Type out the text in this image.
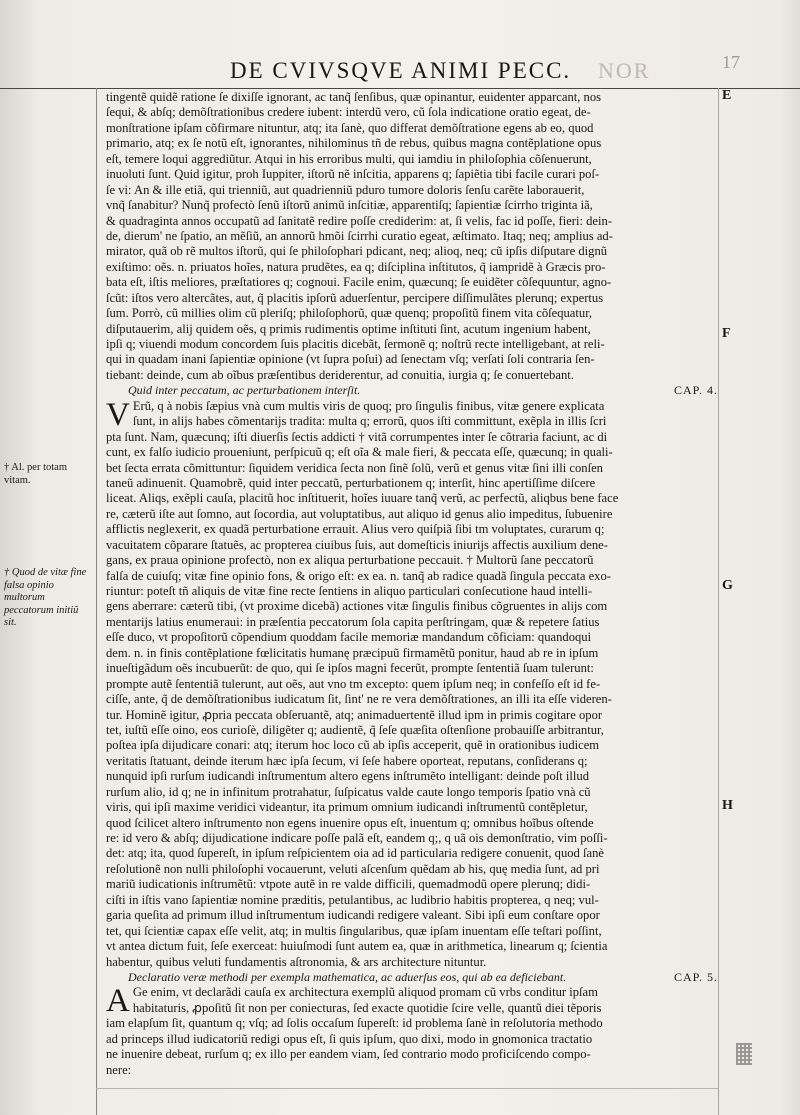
DE CVIVSQVE ANIMI PECC.	NOR	17
E
F
G
H
† Al. per totam vitam.
† Quod de vitæ fine falsa opinio multorum peccatorum initiũ sit.
tingentẽ quidẽ ratione ſe dixiſſe ignorant, ac tanq̃ ſenſibus, quæ opinantur, euidenter apparcant, nos
ſequi, & abſq; demõſtrationibus credere iubent: interdũ vero, cũ ſola indicatione oratio egeat, de-
monſtratione ipſam cõfirmare nituntur, atq; ita ſanè, quo differat demõſtratione egens ab eo, quod
primario, atq; ex ſe notũ eſt, ignorantes, nihilominus tñ de rebus, quibus magna contẽplatione opus
eſt, temere loqui aggrediũtur. Atqui in his erroribus multi, qui iamdiu in philoſophia cõſenuerunt,
inuoluti ſunt. Quid igitur, proh Iuppiter, iſtorũ nẽ inſcitia, apparens q; ſapiẽtia tibi facile curari poſ-
ſe vi: An & ille etiã, qui trienniũ, aut quadrienniũ pduro tumore doloris ſenſu carẽte laborauerit,
vnq̃ ſanabitur? Nunq̃ profectò ſenũ iſtorũ animũ inſcitiæ, apparentiſq; ſapientiæ ſcirrho triginta iã,
& quadraginta annos occupatũ ad ſanitatẽ redire poſſe crediderim: at, ſi velis, fac id poſſe, fieri: dein-
de, dierum' ne ſpatio, an mẽſiũ, an annorũ hmõi ſcirrhi curatio egeat, æſtimato. Itaq; neq; amplius ad-
mirator, quã ob rẽ multos iſtorũ, qui ſe philoſophari pdicant, neq; alioq, neq; cũ ipſis diſputare dignũ
exiſtimo: oẽs. n. priuatos hoĩes, natura prudẽtes, ea q; diſciplina inſtitutos, q̃ iampridẽ à Græcis pro-
bata eſt, iſtis meliores, præſtatiores q; cognoui. Facile enim, quæcunq; ſe euidẽter cõſequuntur, agno-
ſcũt: iſtos vero altercãtes, aut, q̃ placitis ipſorũ aduerſentur, percipere diſſimulãtes plerunq; expertus
ſum. Porrò, cũ millies olim cũ pleriſq; philoſophorũ, quæ quenq; propoſitũ finem vita cõſequatur,
diſputauerim, alij quidem oẽs, q primis rudimentis optime inſtituti ſint, acutum ingenium habent,
ipſi q; viuendi modum concordem ſuis placitis dicebãt, ſermonẽ q; noſtrũ recte intelligebant, at reli-
qui in quadam inani ſapientiæ opinione (vt ſupra poſui) ad ſenectam vſq; verſati ſoli contraria ſen-
tiebant: deinde, cum ab oĩbus præſentibus deriderentur, ad conuitia, iurgia q; ſe conuertebant.
Quid inter peccatum, ac perturbationem interſit.	CAP. 4.
V Erũ, q à nobis ſæpius vnà cum multis viris de quoq; pro ſingulis finibus, vitæ genere explicata
ſunt, in alijs habes cõmentarijs tradita: multa q; errorũ, quos iſti committunt, exẽpla in illis ſcri
pta ſunt. Nam, quæcunq; iſti diuerſis ſectis addicti † vitã corrumpentes inter ſe cõtraria faciunt, ac di
cunt, ex falſo iudicio proueniunt, perſpicuũ q; eſt oĩa & male fieri, & peccata eſſe, quæcunq; in quali-
bet ſecta errata cõmittuntur: ſiquidem veridica ſecta non ſinẽ ſolũ, verũ et genus vitæ ſini illi conſen
taneũ adinuenit. Quamobrẽ, quid inter peccatũ, perturbationem q; interſit, hinc apertiſſime diſcere
liceat. Aliqs, exẽpli cauſa, placitũ hoc inſtituerit, hoĩes iuuare tanq̃ verũ, ac perfectũ, aliqbus bene face
re, cæterũ iſte aut ſomno, aut ſocordia, aut voluptatibus, aut aliquo id genus alio impeditus, ſubuenire
afflictis neglexerit, ex quadã perturbatione errauit. Alius vero quiſpiã ſibi tm voluptates, curarum q;
vacuitatem cõparare ſtatuẽs, ac propterea ciuibus ſuis, aut domeſticis iniurijs affectis auxilium dene-
gans, ex praua opinione profectò, non ex aliqua perturbatione peccauit. † Multorũ ſane peccatorũ
falſa de cuiuſq; vitæ fine opinio fons, & origo eſt: ex ea. n. tanq̃ ab radice quadã ſingula peccata exo-
riuntur: poteſt tñ aliquis de vitæ fine recte ſentiens in aliquo particulari conſecutione haud intelli-
gens aberrare: cæterũ tibi, (vt proxime dicebã) actiones vitæ ſingulis finibus cõgruentes in alijs com
mentarijs latius enumeraui: in præſentia peccatorum ſola capita perſtringam, quæ & repetere ſatius
eſſe duco, vt propoſitorũ cõpendium quoddam facile memoriæ mandandum cõficiam: quandoqui
dem. n. in finis contẽplatione fœlicitatis humanę præcipuũ firmamẽtũ ponitur, haud ab re in ipſum
inueſtigãdum oẽs incubuerũt: de quo, qui ſe ipſos magni fecerũt, prompte ſententiã ſuam tulerunt:
prompte autẽ ſententiã tulerunt, aut oẽs, aut vno tm excepto: quem ipſum neq; in confeſſo eſt id fe-
ciſſe, ante, q̃ de demõſtrationibus iudicatum ſit, ſint' ne re vera demõſtrationes, an illi ita eſſe videren-
tur. Hominẽ igitur, ꝓpria peccata obſeruantẽ, atq; animaduertentẽ illud ipm in primis cogitare opor
tet, iuſtũ eſſe oino, eos curioſè, diligẽter q; audientẽ, q̃ ſeſe quæſita oſtenſione probauiſſe arbitrantur,
poſtea ipſa dijudicare conari: atq; iterum hoc loco cũ ab ipſis acceperit, quẽ in orationibus iudicem
veritatis ſtatuant, deinde iterum hæc ipſa ſecum, vi ſeſe habere oporteat, reputans, conſiderans q;
nunquid ipſi rurſum iudicandi inſtrumentum altero egens inſtrumẽto intelligant: deinde poſt illud
rurſum alio, id q; ne in infinitum protrahatur, ſuſpicatus valde caute longo temporis ſpatio vnà cũ
viris, qui ipſi maxime veridici videantur, ita primum omnium iudicandi inſtrumentũ contẽpletur,
quod ſcilicet altero inſtrumento non egens inuenire opus eſt, inuentum q; omnibus hoĩbus oſtende
re: id vero & abſq; dijudicatione indicare poſſe palã eſt, eandem q;, q uã ois demonſtratio, vim poſſi-
det: atq; ita, quod ſupereſt, in ipſum reſpicientem oia ad id particularia redigere conuenit, quod ſanè
reſolutionẽ non nulli philoſophi vocauerunt, veluti aſcenſum quẽdam ab his, quę media ſunt, ad pri
mariũ iudicationis inſtrumẽtũ: vtpote autẽ in re valde difficili, quemadmodũ opere plerunq; didi-
ciſti in iſtis vano ſapientiæ nomine præditis, petulantibus, ac ludibrio habitis propterea, q neq; vul-
garia queſita ad primum illud inſtrumentum iudicandi redigere valeant. Sibi ipſi eum conſtare opor
tet, qui ſcientiæ capax eſſe velit, atq; in multis ſingularibus, quæ ipſam inuentam eſſe teſtari poſſint,
vt antea dictum fuit, ſeſe exerceat: huiuſmodi ſunt autem ea, quæ in arithmetica, linearum q; ſcientia
habentur, quibus veluti fundamentis aſtronomia, & ars architecture nituntur.
Declaratio veræ methodi per exempla mathematica, ac aduerſus eos, qui ab ea deficiebant.	CAP. 5.
A Ge enim, vt declarãdi cauſa ex architectura exemplũ aliquod promam cũ vrbs conditur ipſam
habitaturis, ꝓpoſitũ ſit non per coniecturas, ſed exacte quotidie ſcire velle, quantũ diei tẽporis
iam elapſum ſit, quantum q; vſq; ad ſolis occaſum ſupereſt: id problema ſanè in reſolutoria methodo
ad princeps illud iudicatoriũ redigi opus eſt, ſi quis ipſum, quo dixi, modo in gnomonica tractatio
ne inuenire debeat, rurſum q; ex illo per eandem viam, ſed contrario modo proficiſcendo compo-
nere:
